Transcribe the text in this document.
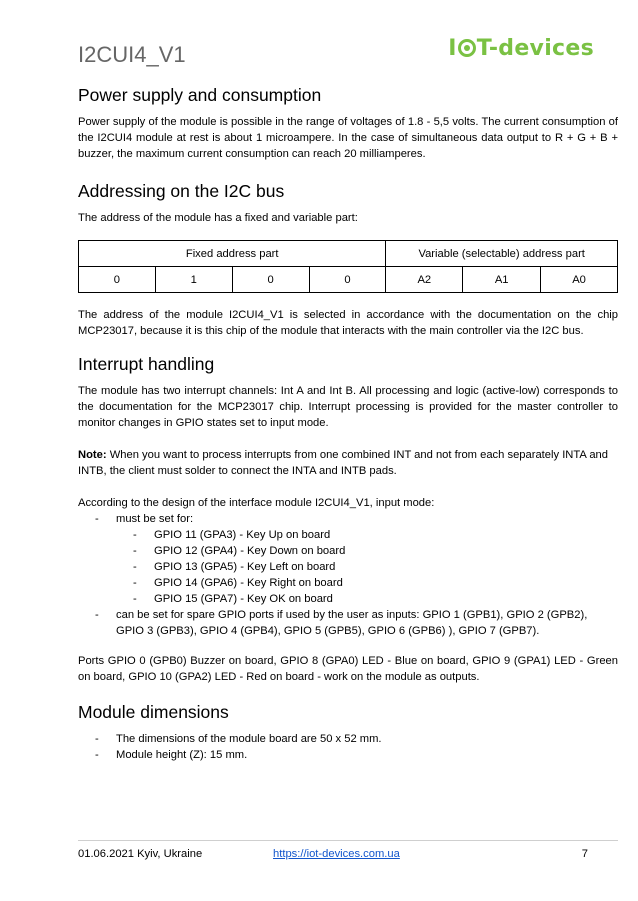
I2CUI4_V1	I T-devices
Power supply and consumption

Power supply of the module is possible in the range of voltages of 1.8 - 5,5 volts. The current consumption of the I2CUI4 module at rest is about 1 microampere. In the case of simultaneous data output to R + G + B + buzzer, the maximum current consumption can reach 20 milliamperes.

Addressing on the I2C bus

The address of the module has a fixed and variable part:

Fixed address part				Variable (selectable) address part		
0	1	0	0	A2	A1	A0

The address of the module I2CUI4_V1 is selected in accordance with the documentation on the chip MCP23017, because it is this chip of the module that interacts with the main controller via the I2C bus.

Interrupt handling

The module has two interrupt channels: Int A and Int B. All processing and logic (active-low) corresponds to the documentation for the MCP23017 chip. Interrupt processing is provided for the master controller to monitor changes in GPIO states set to input mode.

Note: When you want to process interrupts from one combined INT and not from each separately INTA and INTB, the client must solder to connect the INTA and INTB pads.

According to the design of the interface module I2CUI4_V1, input mode:

- must be set for:
- GPIO 11 (GPA3) - Key Up on board
- GPIO 12 (GPA4) - Key Down on board
- GPIO 13 (GPA5) - Key Left on board
- GPIO 14 (GPA6) - Key Right on board
- GPIO 15 (GPA7) - Key OK on board
- can be set for spare GPIO ports if used by the user as inputs: GPIO 1 (GPB1), GPIO 2 (GPB2), GPIO 3 (GPB3), GPIO 4 (GPB4), GPIO 5 (GPB5), GPIO 6 (GPB6) ), GPIO 7 (GPB7).

Ports GPIO 0 (GPB0) Buzzer on board, GPIO 8 (GPA0) LED - Blue on board, GPIO 9 (GPA1) LED - Green on board, GPIO 10 (GPA2) LED - Red on board - work on the module as outputs.

Module dimensions
- The dimensions of the module board are 50 x 52 mm.
- Module height (Z): 15 mm.
01.06.2021 Kyiv, Ukraine	https://iot-devices.com.ua	7
